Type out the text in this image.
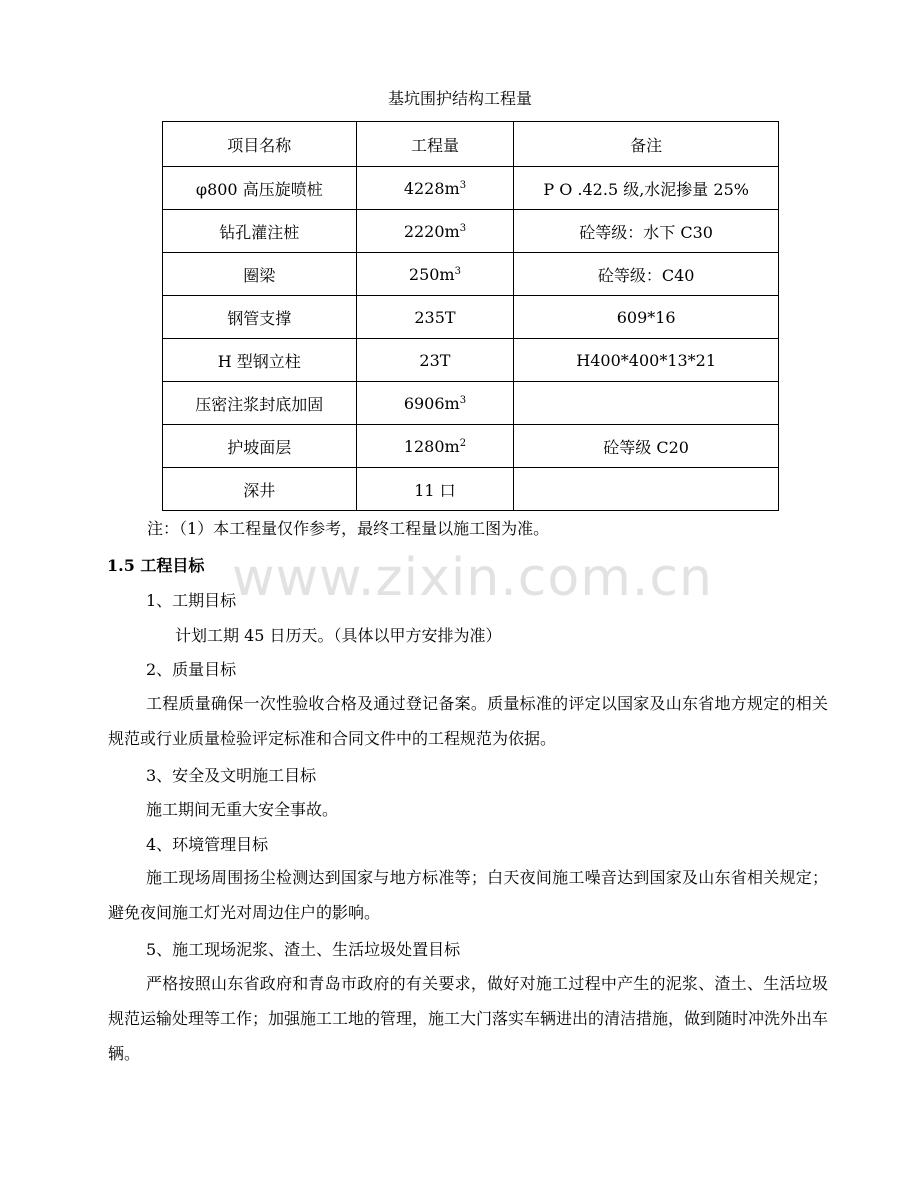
基坑围护结构工程量
项目名称	工程量	备注
φ800 高压旋喷桩	$4228m^3$	P O .42.5 级,水泥掺量 25%
钻孔灌注桩	$2220m^3$	砼等级：水下 C30
圈梁	$250m^3$	砼等级：C40
钢管支撑	235T	609*16
H 型钢立柱	23T	H400*400*13*21
压密注浆封底加固	$6906m^3$	
护坡面层	$1280m^2$	砼等级 C20
深井	11 口	
注：（1）本工程量仅作参考，最终工程量以施工图为准。
1.5 工程目标 www.zixin.com.cn
1、工期目标
计划工期 45 日历天。（具体以甲方安排为准）
2、质量目标
工程质量确保一次性验收合格及通过登记备案。质量标准的评定以国家及山东省地方规定的相关规范或行业质量检验评定标准和合同文件中的工程规范为依据。
3、安全及文明施工目标
施工期间无重大安全事故。
4、环境管理目标
施工现场周围扬尘检测达到国家与地方标准等；白天夜间施工噪音达到国家及山东省相关规定；避免夜间施工灯光对周边住户的影响。
5、施工现场泥浆、渣土、生活垃圾处置目标
严格按照山东省政府和青岛市政府的有关要求，做好对施工过程中产生的泥浆、渣土、生活垃圾规范运输处理等工作；加强施工工地的管理，施工大门落实车辆进出的清洁措施，做到随时冲洗外出车辆。
